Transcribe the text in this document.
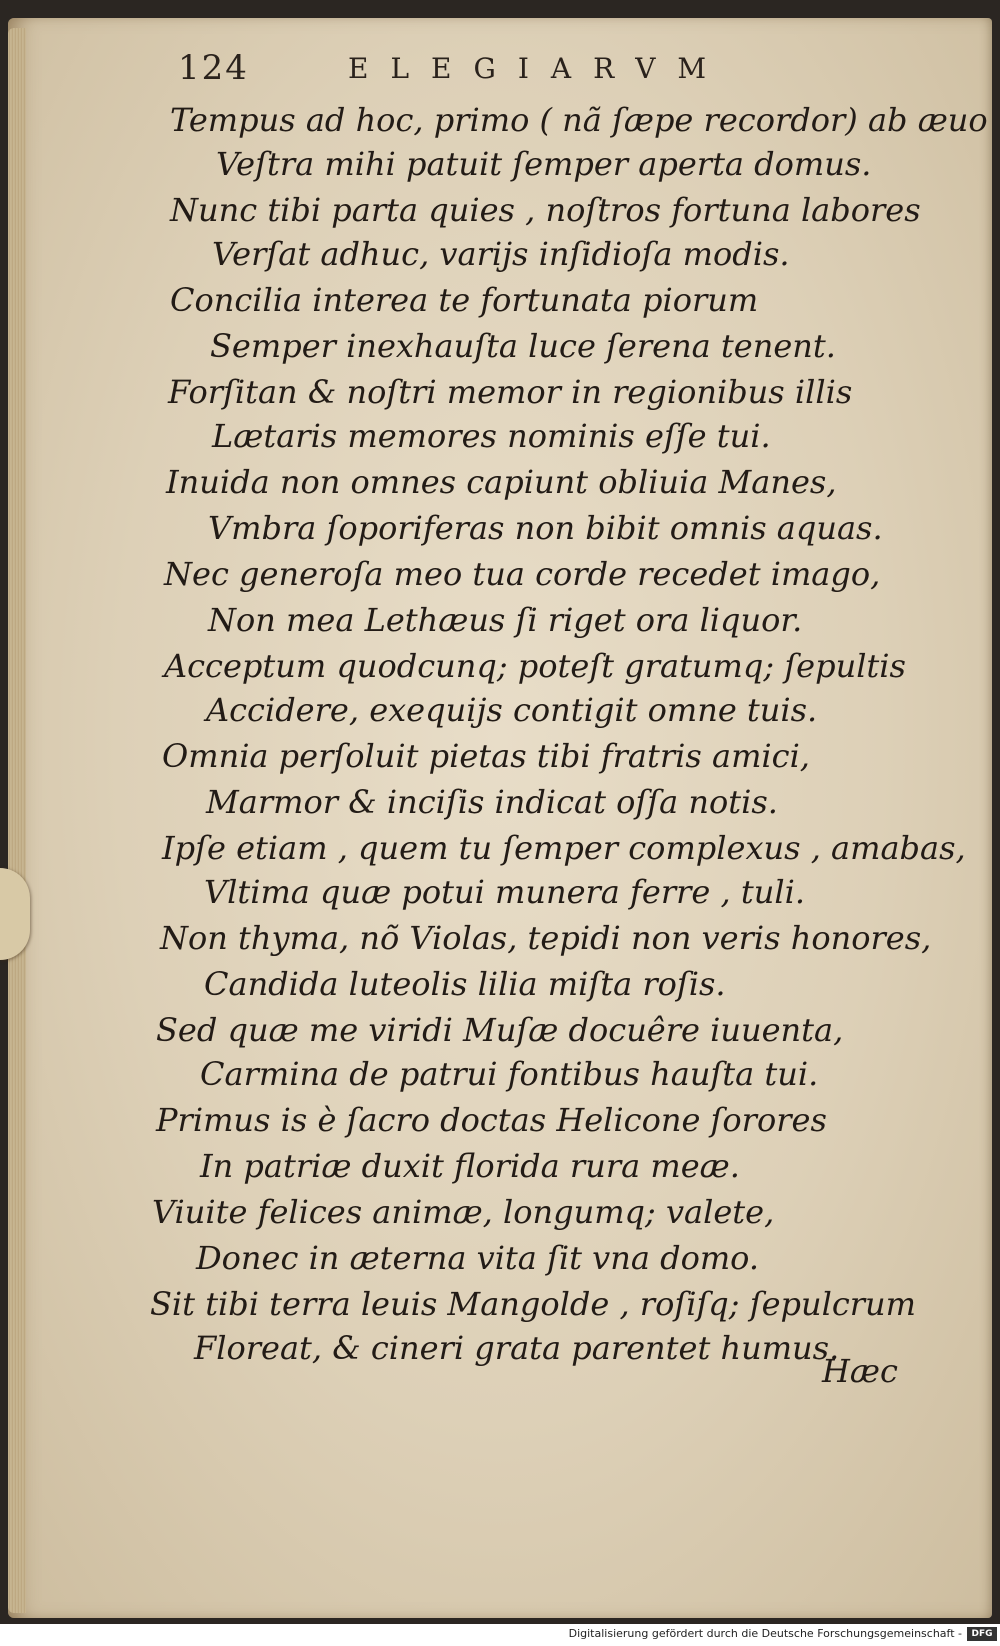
124	ELEGIARVM
Tempus ad hoc, primo ( nã ſæpe recordor) ab æuo
Veſtra mihi patuit ſemper aperta domus.
Nunc tibi parta quies , noſtros fortuna labores
Verſat adhuc, varijs inſidioſa modis.
Concilia interea te fortunata piorum
Semper inexhauſta luce ſerena tenent.
Forſitan & noſtri memor in regionibus illis
Lætaris memores nominis eſſe tui.
Inuida non omnes capiunt obliuia Manes,
Vmbra ſoporiferas non bibit omnis aquas.
Nec generoſa meo tua corde recedet imago,
Non mea Lethæus ſi riget ora liquor.
Acceptum quodcunq; poteſt gratumq; ſepultis
Accidere, exequijs contigit omne tuis.
Omnia perſoluit pietas tibi fratris amici,
Marmor & inciſis indicat oſſa notis.
Ipſe etiam , quem tu ſemper complexus , amabas,
Vltima quæ potui munera ferre , tuli.
Non thyma, nõ Violas, tepidi non veris honores,
Candida luteolis lilia miſta roſis.
Sed quæ me viridi Muſæ docuêre iuuenta,
Carmina de patrui fontibus hauſta tui.
Primus is è ſacro doctas Helicone ſorores
In patriæ duxit florida rura meæ.
Viuite felices animæ, longumq; valete,
Donec in æterna vita ſit vna domo.
Sit tibi terra leuis Mangolde , roſiſq; ſepulcrum
Floreat, & cineri grata parentet humus.
Hæc
Digitalisierung gefördert durch die Deutsche Forschungsgemeinschaft -	DFG
